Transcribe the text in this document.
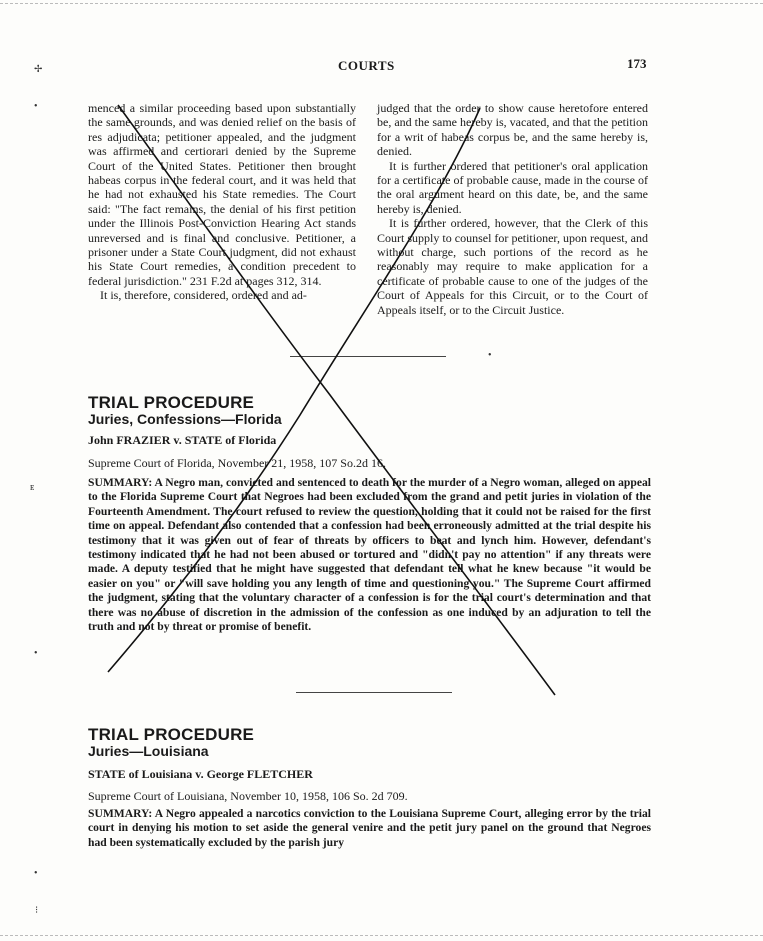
✢
•
ᴇ
•
•
⁝
•
COURTS	173

menced a similar proceeding based upon substantially the same grounds, and was denied relief on the basis of res adjudicata; petitioner appealed, and the judgment was affirmed and certiorari denied by the Supreme Court of the United States. Petitioner then brought habeas corpus in the federal court, and it was held that he had not exhausted his State remedies. The Court said: "The fact remains, the denial of his first petition under the Illinois Post-Conviction Hearing Act stands unreversed and is final and conclusive. Petitioner, a prisoner under a State Court judgment, did not exhaust his State Court remedies, a condition precedent to federal jurisdiction." 231 F.2d at pages 312, 314.

It is, therefore, considered, ordered and ad-

judged that the order to show cause heretofore entered be, and the same hereby is, vacated, and that the petition for a writ of habeas corpus be, and the same hereby is, denied.

It is further ordered that petitioner's oral application for a certificate of probable cause, made in the course of the oral argument heard on this date, be, and the same hereby is, denied.

It is further ordered, however, that the Clerk of this Court supply to counsel for petitioner, upon request, and without charge, such portions of the record as he reasonably may require to make application for a certificate of probable cause to one of the judges of the Court of Appeals for this Circuit, or to the Court of Appeals itself, or to the Circuit Justice.

TRIAL PROCEDURE
Juries, Confessions—Florida
John FRAZIER v. STATE of Florida
Supreme Court of Florida, November 21, 1958, 107 So.2d 16.

SUMMARY: A Negro man, convicted and sentenced to death for the murder of a Negro woman, alleged on appeal to the Florida Supreme Court that Negroes had been excluded from the grand and petit juries in violation of the Fourteenth Amendment. The court refused to review the question, holding that it could not be raised for the first time on appeal. Defendant also contended that a confession had been erroneously admitted at the trial despite his testimony that it was given out of fear of threats by officers to beat and lynch him. However, defendant's testimony indicated that he had not been abused or tortured and "didn't pay no attention" if any threats were made. A deputy testified that he might have suggested that defendant tell what he knew because "it would be easier on you" or "will save holding you any length of time and questioning you." The Supreme Court affirmed the judgment, stating that the voluntary character of a confession is for the trial court's determination and that there was no abuse of discretion in the admission of the confession as one induced by an adjuration to tell the truth and not by threat or promise of benefit.

TRIAL PROCEDURE
Juries—Louisiana
STATE of Louisiana v. George FLETCHER
Supreme Court of Louisiana, November 10, 1958, 106 So. 2d 709.

SUMMARY: A Negro appealed a narcotics conviction to the Louisiana Supreme Court, alleging error by the trial court in denying his motion to set aside the general venire and the petit jury panel on the ground that Negroes had been systematically excluded by the parish jury
